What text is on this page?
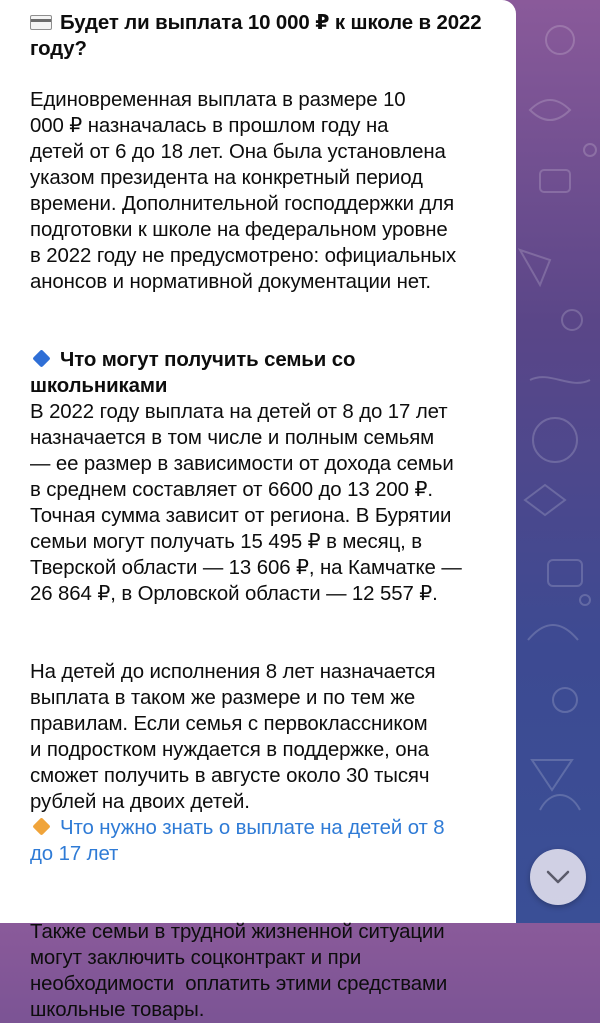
Будет ли выплата 10 000 ₽ к школе в 2022 году?
Единовременная выплата в размере 10
000 ₽ назначалась в прошлом году на
детей от 6 до 18 лет. Она была установлена
указом президента на конкретный период
времени. Дополнительной господдержки для
подготовки к школе на федеральном уровне
в 2022 году не предусмотрено: официальных
анонсов и нормативной документации нет.
Что могут получить семьи со
школьниками
В 2022 году выплата на детей от 8 до 17 лет
назначается в том числе и полным семьям
— ее размер в зависимости от дохода семьи
в среднем составляет от 6600 до 13 200 ₽.
Точная сумма зависит от региона. В Бурятии
семьи могут получать 15 495 ₽ в месяц, в
Тверской области — 13 606 ₽, на Камчатке —
26 864 ₽, в Орловской области — 12 557 ₽.
На детей до исполнения 8 лет назначается
выплата в таком же размере и по тем же
правилам. Если семья с первоклассником
и подростком нуждается в поддержке, она
сможет получить в августе около 30 тысяч
рублей на двоих детей.
Что нужно знать о выплате на детей от 8
до 17 лет
Также семьи в трудной жизненной ситуации
могут заключить соцконтракт и при
необходимости  оплатить этими средствами
школьные товары.
